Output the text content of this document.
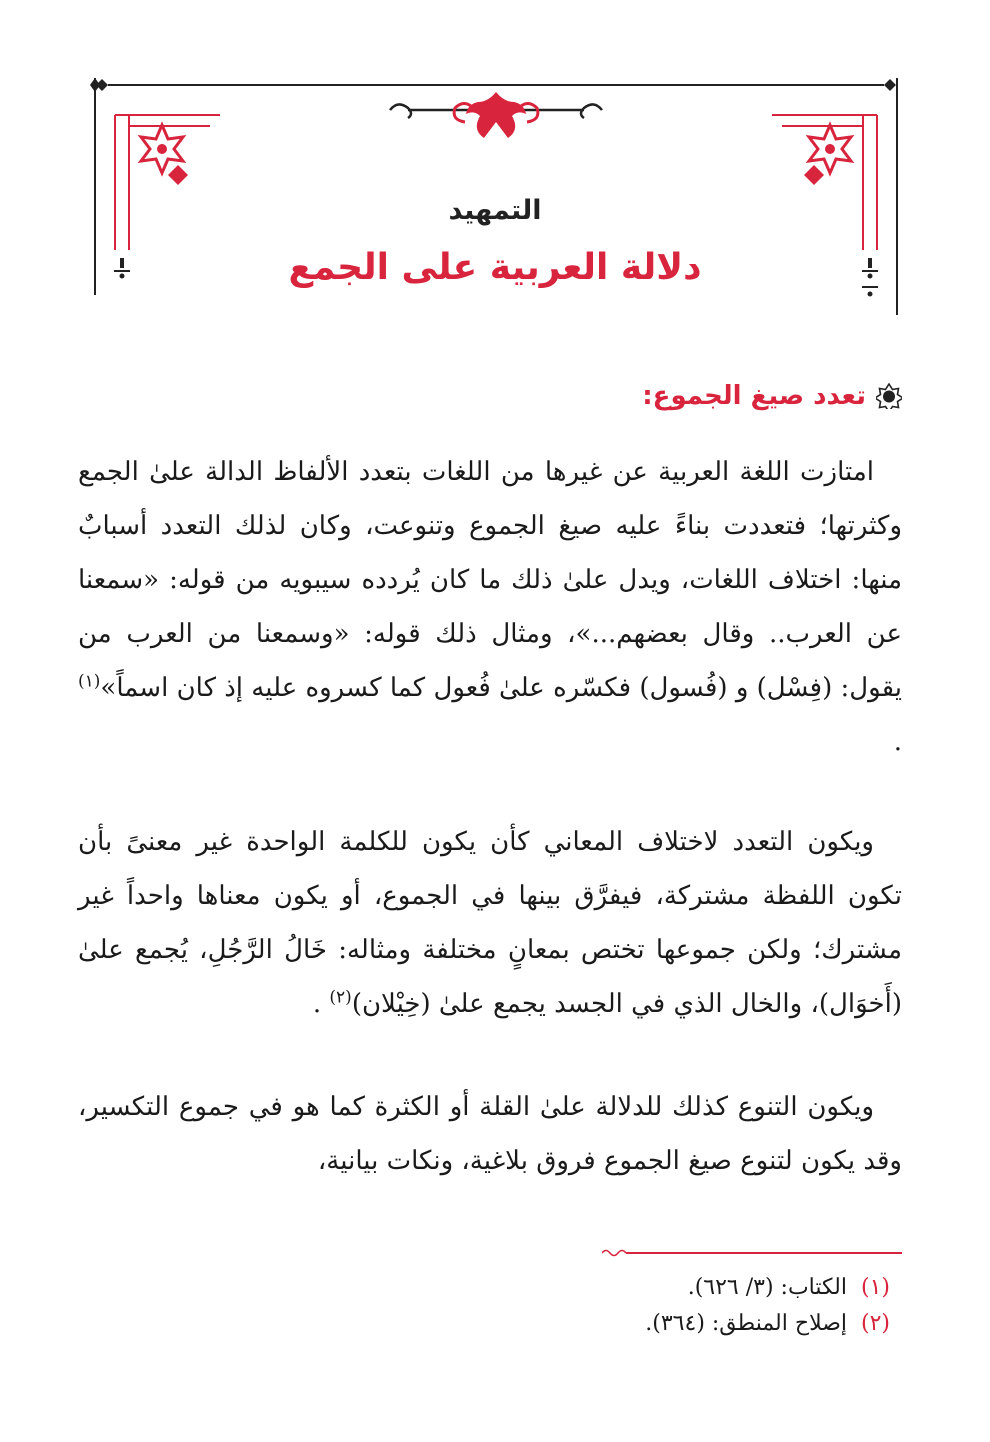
التمهيد
دلالة العربية على الجمع
تعدد صيغ الجموع:

امتازت اللغة العربية عن غيرها من اللغات بتعدد الألفاظ الدالة علىٰ الجمع وكثرتها؛ فتعددت بناءً عليه صيغ الجموع وتنوعت، وكان لذلك التعدد أسبابٌ منها: اختلاف اللغات، ويدل علىٰ ذلك ما كان يُردده سيبويه من قوله: «سمعنا عن العرب.. وقال بعضهم...»، ومثال ذلك قوله: «وسمعنا من العرب من يقول: (فِسْل) و (فُسول) فكسّره علىٰ فُعول كما كسروه عليه إذ كان اسماً»$^{(١)}$ .

ويكون التعدد لاختلاف المعاني كأن يكون للكلمة الواحدة غير معنىً بأن تكون اللفظة مشتركة، فيفرَّق بينها في الجموع، أو يكون معناها واحداً غير مشترك؛ ولكن جموعها تختص بمعانٍ مختلفة ومثاله: خَالُ الرَّجُلِ، يُجمع علىٰ (أَخوَال)، والخال الذي في الجسد يجمع علىٰ (خِيْلان)$^{(٢)}$ .

ويكون التنوع كذلك للدلالة علىٰ القلة أو الكثرة كما هو في جموع التكسير، وقد يكون لتنوع صيغ الجموع فروق بلاغية، ونكات بيانية،

(١)
الكتاب: (٣/ ٦٢٦).
(٢)
إصلاح المنطق: (٣٦٤).
